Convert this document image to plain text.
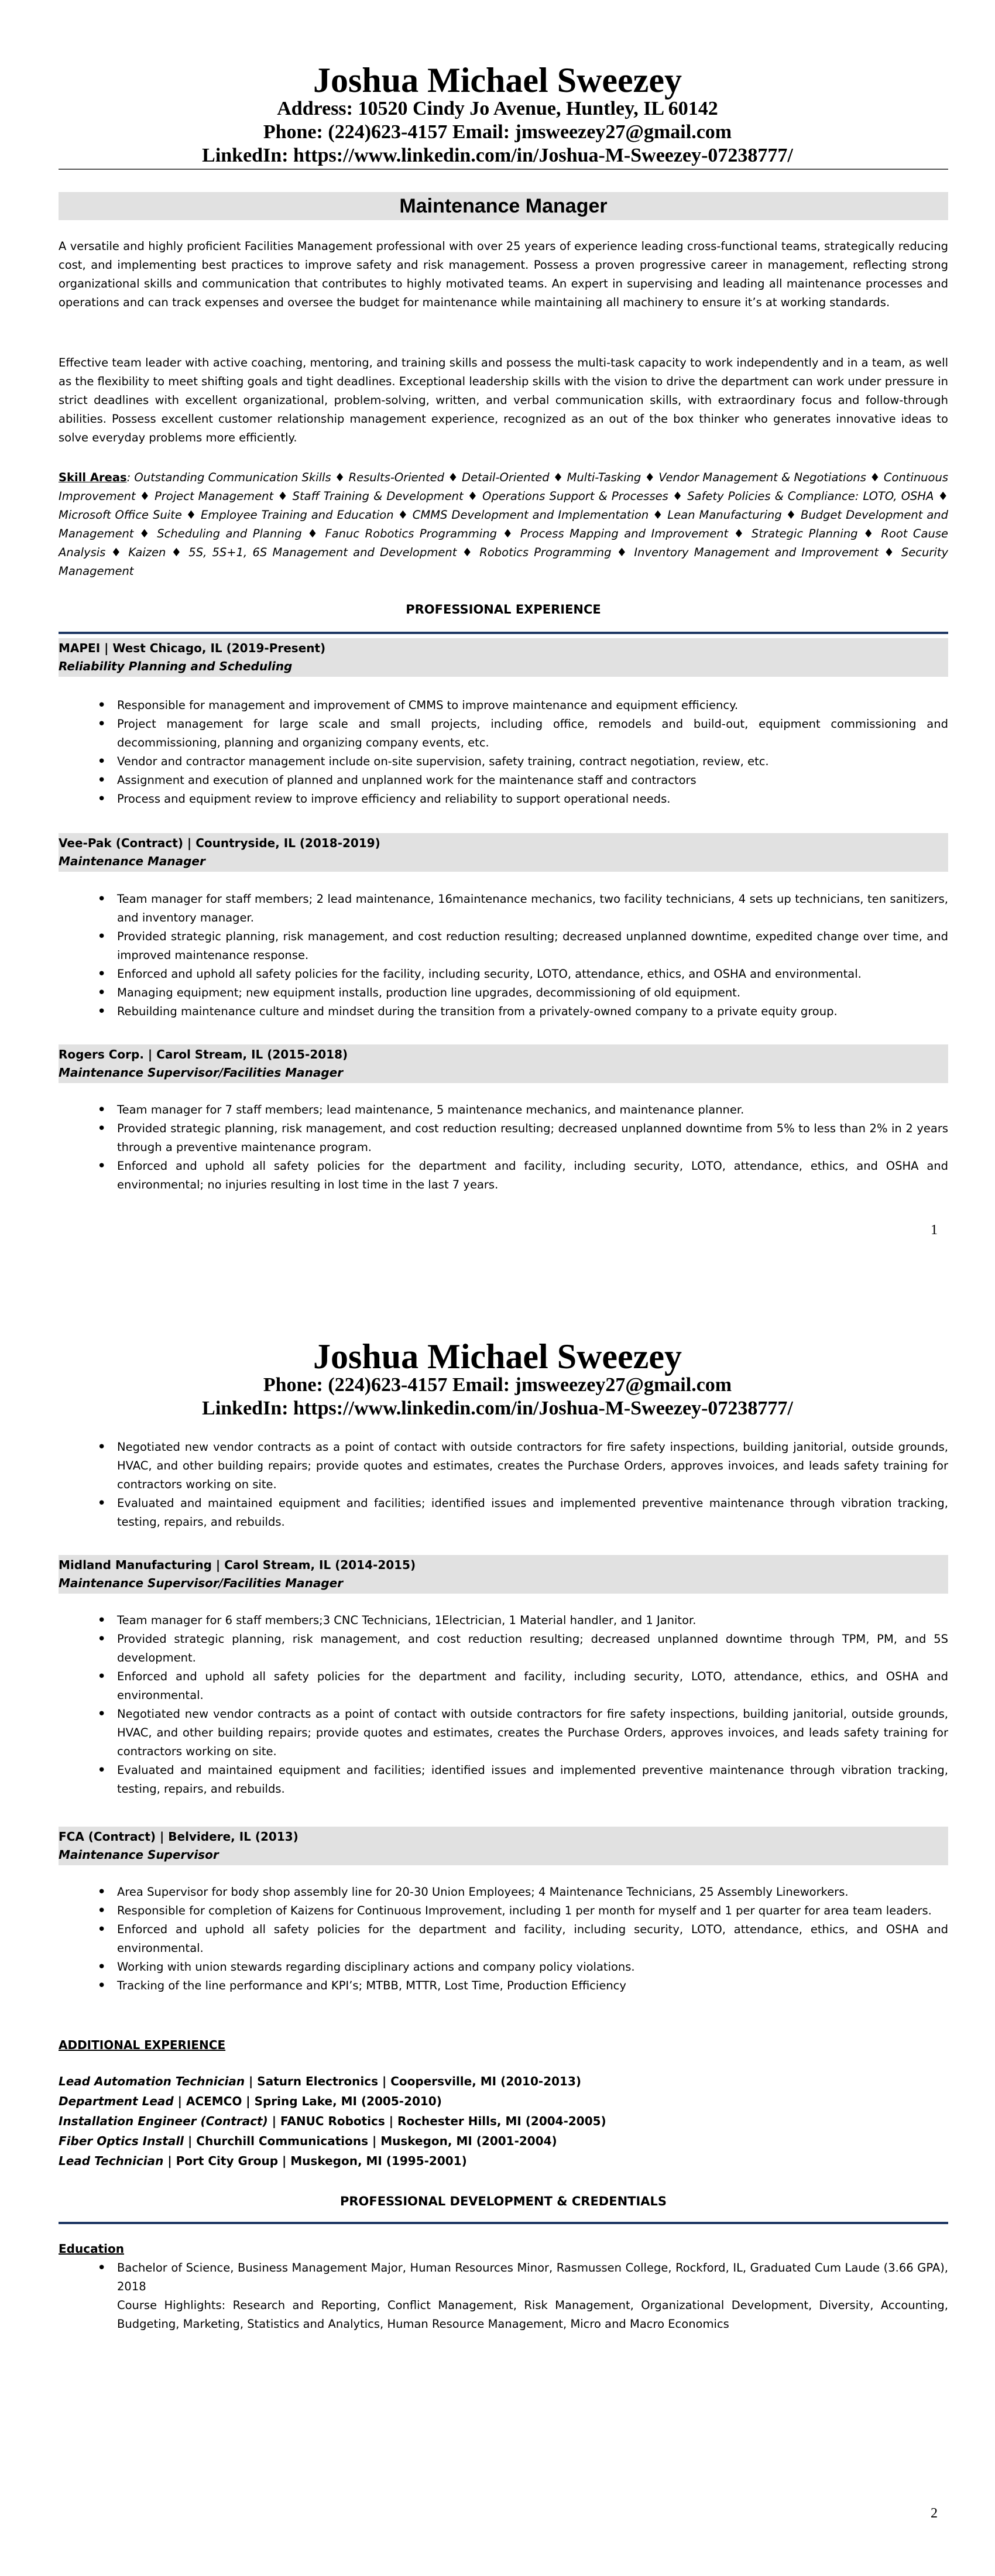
Joshua Michael Sweezey
Address: 10520 Cindy Jo Avenue, Huntley, IL 60142
Phone: (224)623-4157 Email: jmsweezey27@gmail.com
LinkedIn: https://www.linkedin.com/in/Joshua-M-Sweezey-07238777/
Maintenance Manager

A versatile and highly proficient Facilities Management professional with over 25 years of experience leading cross-functional teams, strategically reducing cost, and implementing best practices to improve safety and risk management. Possess a proven progressive career in management, reflecting strong organizational skills and communication that contributes to highly motivated teams. An expert in supervising and leading all maintenance processes and operations and can track expenses and oversee the budget for maintenance while maintaining all machinery to ensure it’s at working standards.

Effective team leader with active coaching, mentoring, and training skills and possess the multi-task capacity to work independently and in a team, as well as the flexibility to meet shifting goals and tight deadlines. Exceptional leadership skills with the vision to drive the department can work under pressure in strict deadlines with excellent organizational, problem-solving, written, and verbal communication skills, with extraordinary focus and follow-through abilities. Possess excellent customer relationship management experience, recognized as an out of the box thinker who generates innovative ideas to solve everyday problems more efficiently.

Skill Areas: Outstanding Communication Skills ♦ Results-Oriented ♦ Detail-Oriented ♦ Multi-Tasking ♦ Vendor Management & Negotiations ♦ Continuous Improvement ♦ Project Management ♦ Staff Training & Development ♦ Operations Support & Processes ♦ Safety Policies & Compliance: LOTO, OSHA ♦ Microsoft Office Suite ♦ Employee Training and Education ♦ CMMS Development and Implementation ♦ Lean Manufacturing ♦ Budget Development and Management ♦ Scheduling and Planning ♦ Fanuc Robotics Programming ♦ Process Mapping and Improvement ♦ Strategic Planning ♦ Root Cause Analysis ♦ Kaizen ♦ 5S, 5S+1, 6S Management and Development ♦ Robotics Programming ♦ Inventory Management and Improvement ♦ Security Management

PROFESSIONAL EXPERIENCE
MAPEI | West Chicago, IL (2019-Present)
Reliability Planning and Scheduling
• Responsible for management and improvement of CMMS to improve maintenance and equipment efficiency.
• Project management for large scale and small projects, including office, remodels and build-out, equipment commissioning and decommissioning, planning and organizing company events, etc.
• Vendor and contractor management include on-site supervision, safety training, contract negotiation, review, etc.
• Assignment and execution of planned and unplanned work for the maintenance staff and contractors
• Process and equipment review to improve efficiency and reliability to support operational needs.
Vee-Pak (Contract) | Countryside, IL (2018-2019)
Maintenance Manager
• Team manager for staff members; 2 lead maintenance, 16maintenance mechanics, two facility technicians, 4 sets up technicians, ten sanitizers, and inventory manager.
• Provided strategic planning, risk management, and cost reduction resulting; decreased unplanned downtime, expedited change over time, and improved maintenance response.
• Enforced and uphold all safety policies for the facility, including security, LOTO, attendance, ethics, and OSHA and environmental.
• Managing equipment; new equipment installs, production line upgrades, decommissioning of old equipment.
• Rebuilding maintenance culture and mindset during the transition from a privately-owned company to a private equity group.
Rogers Corp. | Carol Stream, IL (2015-2018)
Maintenance Supervisor/Facilities Manager
• Team manager for 7 staff members; lead maintenance, 5 maintenance mechanics, and maintenance planner.
• Provided strategic planning, risk management, and cost reduction resulting; decreased unplanned downtime from 5% to less than 2% in 2 years through a preventive maintenance program.
• Enforced and uphold all safety policies for the department and facility, including security, LOTO, attendance, ethics, and OSHA and environmental; no injuries resulting in lost time in the last 7 years.
1
Joshua Michael Sweezey
Phone: (224)623-4157 Email: jmsweezey27@gmail.com
LinkedIn: https://www.linkedin.com/in/Joshua-M-Sweezey-07238777/
• Negotiated new vendor contracts as a point of contact with outside contractors for fire safety inspections, building janitorial, outside grounds, HVAC, and other building repairs; provide quotes and estimates, creates the Purchase Orders, approves invoices, and leads safety training for contractors working on site.
• Evaluated and maintained equipment and facilities; identified issues and implemented preventive maintenance through vibration tracking, testing, repairs, and rebuilds.
Midland Manufacturing | Carol Stream, IL (2014-2015)
Maintenance Supervisor/Facilities Manager
• Team manager for 6 staff members;3 CNC Technicians, 1Electrician, 1 Material handler, and 1 Janitor.
• Provided strategic planning, risk management, and cost reduction resulting; decreased unplanned downtime through TPM, PM, and 5S development.
• Enforced and uphold all safety policies for the department and facility, including security, LOTO, attendance, ethics, and OSHA and environmental.
• Negotiated new vendor contracts as a point of contact with outside contractors for fire safety inspections, building janitorial, outside grounds, HVAC, and other building repairs; provide quotes and estimates, creates the Purchase Orders, approves invoices, and leads safety training for contractors working on site.
• Evaluated and maintained equipment and facilities; identified issues and implemented preventive maintenance through vibration tracking, testing, repairs, and rebuilds.
FCA (Contract) | Belvidere, IL (2013)
Maintenance Supervisor
• Area Supervisor for body shop assembly line for 20-30 Union Employees; 4 Maintenance Technicians, 25 Assembly Lineworkers.
• Responsible for completion of Kaizens for Continuous Improvement, including 1 per month for myself and 1 per quarter for area team leaders.
• Enforced and uphold all safety policies for the department and facility, including security, LOTO, attendance, ethics, and OSHA and environmental.
• Working with union stewards regarding disciplinary actions and company policy violations.
• Tracking of the line performance and KPI’s; MTBB, MTTR, Lost Time, Production Efficiency
ADDITIONAL EXPERIENCE
Lead Automation Technician | Saturn Electronics | Coopersville, MI (2010-2013)
Department Lead | ACEMCO | Spring Lake, MI (2005-2010)
Installation Engineer (Contract) | FANUC Robotics | Rochester Hills, MI (2004-2005)
Fiber Optics Install | Churchill Communications | Muskegon, MI (2001-2004)
Lead Technician | Port City Group | Muskegon, MI (1995-2001)
PROFESSIONAL DEVELOPMENT & CREDENTIALS
Education
• Bachelor of Science, Business Management Major, Human Resources Minor, Rasmussen College, Rockford, IL, Graduated Cum Laude (3.66 GPA), 2018
Course Highlights: Research and Reporting, Conflict Management, Risk Management, Organizational Development, Diversity, Accounting, Budgeting, Marketing, Statistics and Analytics, Human Resource Management, Micro and Macro Economics
2
